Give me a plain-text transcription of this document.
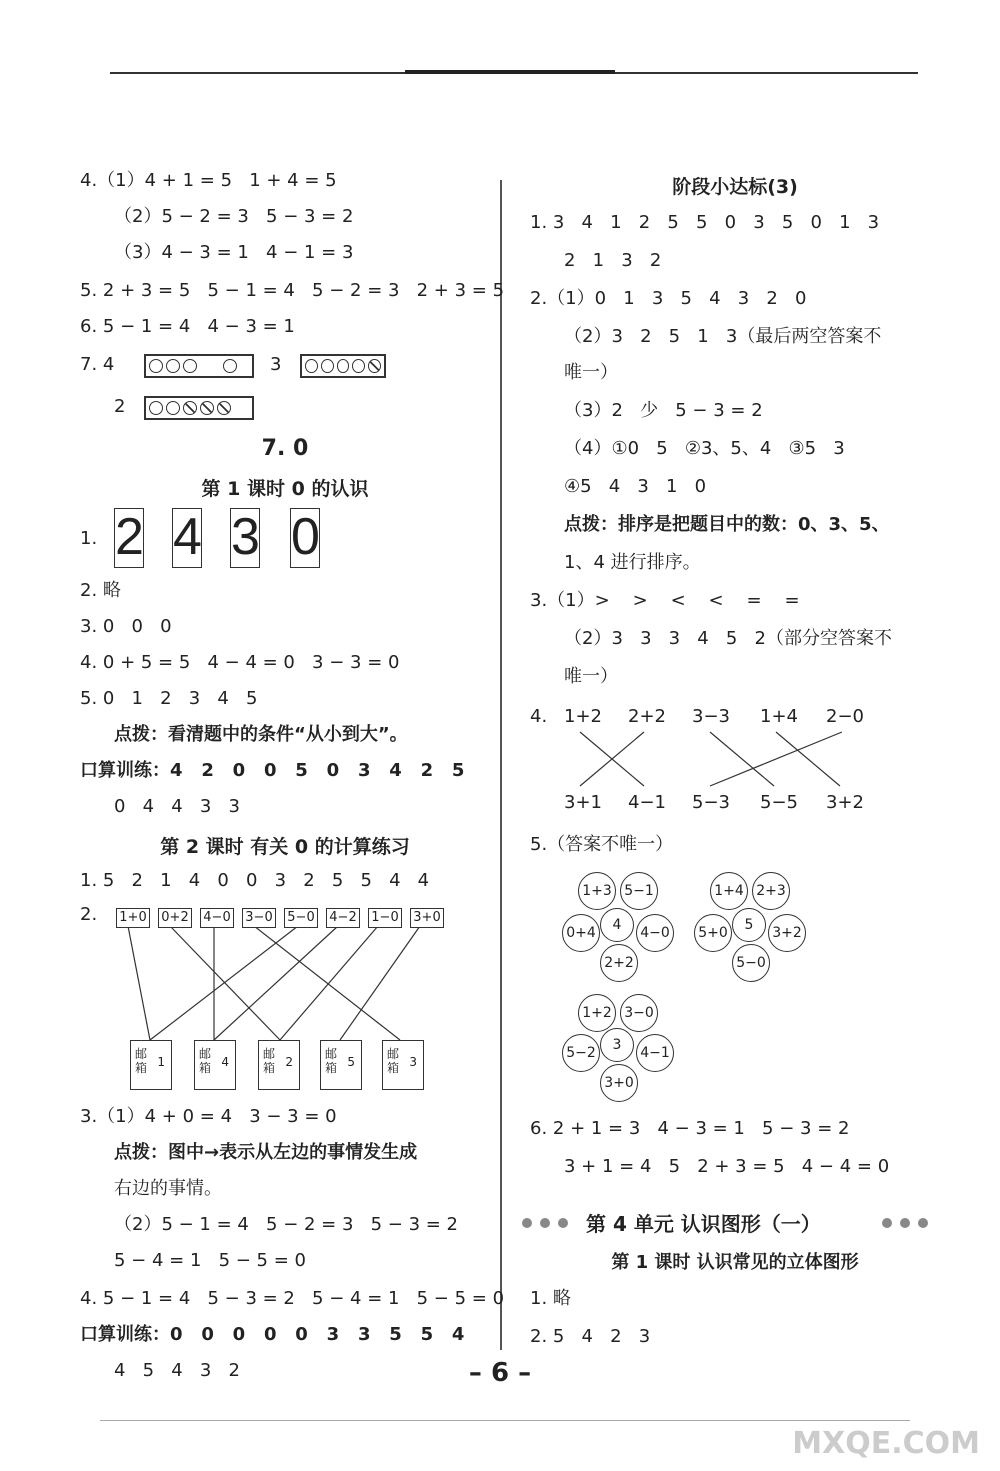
4.（1）4 + 1 = 5   1 + 4 = 5
（2）5 − 2 = 3   5 − 3 = 2
（3）4 − 3 = 1   4 − 1 = 3
5. 2 + 3 = 5   5 − 1 = 4   5 − 2 = 3   2 + 3 = 5
6. 5 − 1 = 4   4 − 3 = 1
7. 4	3
2
7. 0
第 1 课时 0 的认识
1. 2 4 3 0
2. 略
3. 0   0   0
4. 0 + 5 = 5   4 − 4 = 0   3 − 3 = 0
5. 0   1   2   3   4   5
点拨：看清题中的条件“从小到大”。
口算训练：4   2   0   0   5   0   3   4   2   5
0   4   4   3   3
第 2 课时 有关 0 的计算练习
1. 5   2   1   4   0   0   3   2   5   5   4   4
2. 1+0 0+2 4−0 3−0 5−0 4−2 1−0 3+0
邮箱 1
邮箱 4
邮箱 2
邮箱 5
邮箱 3
3.（1）4 + 0 = 4   3 − 3 = 0
点拨：图中→表示从左边的事情发生成
右边的事情。
（2）5 − 1 = 4   5 − 2 = 3   5 − 3 = 2
5 − 4 = 1   5 − 5 = 0
4. 5 − 1 = 4   5 − 3 = 2   5 − 4 = 1   5 − 5 = 0
口算训练：0   0   0   0   0   3   3   5   5   4
4   5   4   3   2
阶段小达标(3)
1. 3   4   1   2   5   5   0   3   5   0   1   3
2   1   3   2
2.（1）0   1   3   5   4   3   2   0
（2）3   2   5   1   3（最后两空答案不
唯一）
（3）2   少   5 − 3 = 2
（4）①0   5   ②3、5、4   ③5   3
④5   4   3   1   0
点拨：排序是把题目中的数：0、3、5、
1、4 进行排序。
3.（1）>    >    <    <    =    =
（2）3   3   3   4   5   2（部分空答案不
唯一）
4. 1+2 2+2 3−3 1+4 2−0
3+1 4−1 5−3 5−5 3+2
5.（答案不唯一）
1+3 5−1
4−0
2+2
0+4	4
1+4 2+3
3+2
5−0
5+0	5
1+2 3−0
4−1
3+0
5−2	3
6. 2 + 1 = 3   4 − 3 = 1   5 − 3 = 2
3 + 1 = 4   5   2 + 3 = 5   4 − 4 = 0
第 4 单元 认识图形（一）
第 1 课时 认识常见的立体图形
1. 略
2. 5   4   2   3
– 6 –
MXQE.COM
